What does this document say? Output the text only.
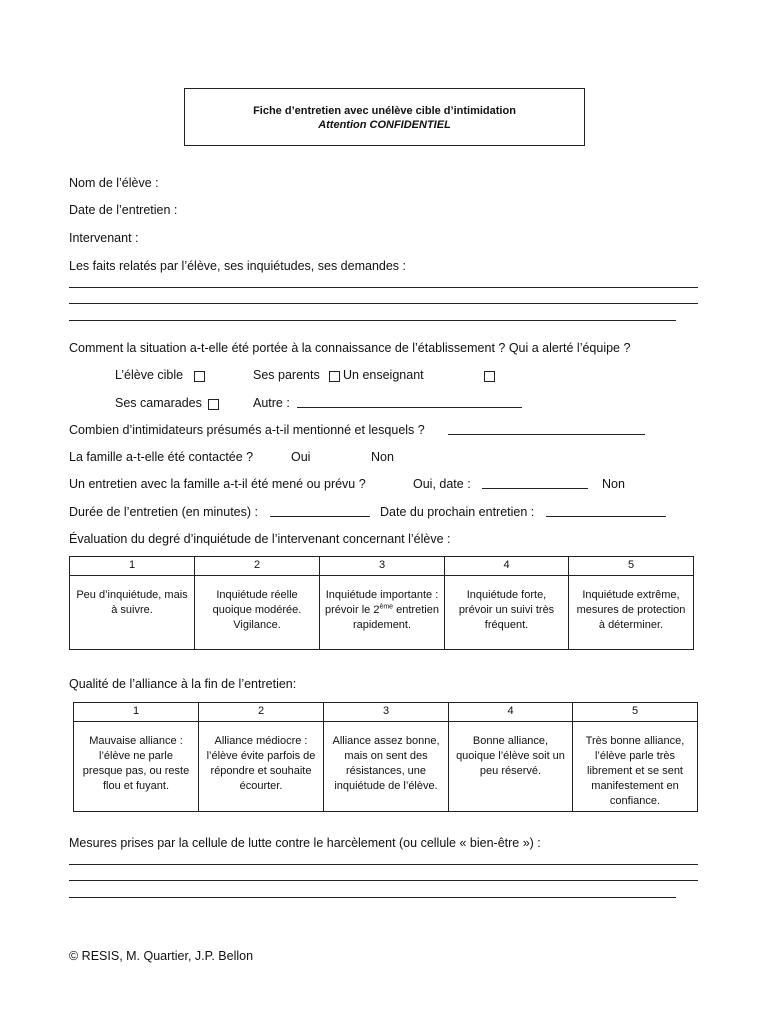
Fiche d’entretien avec unélève cible d’intimidation
Attention CONFIDENTIEL
Nom de l’élève :
Date de l’entretien :
Intervenant :
Les faits relatés par l’élève, ses inquiétudes, ses demandes :
Comment la situation a-t-elle été portée à la connaissance de l’établissement ? Qui a alerté l’équipe ?
L’élève cible	Ses parents Un enseignant
Ses camarades	Autre :
Combien d’intimidateurs présumés a-t-il mentionné et lesquels ?
La famille a-t-elle été contactée ?	Oui	Non
Un entretien avec la famille a-t-il été mené ou prévu ?	Oui, date :	Non
Durée de l’entretien (en minutes) :	Date du prochain entretien :
Évaluation du degré d’inquiétude de l’intervenant concernant l’élève :
1	2	3	4	5
Peu d’inquiétude, mais à suivre.	Inquiétude réelle quoique modérée. Vigilance.	Inquiétude importante : prévoir le 2ème entretien rapidement.	Inquiétude forte, prévoir un suivi très fréquent.	Inquiétude extrême, mesures de protection à déterminer.
Qualité de l’alliance à la fin de l’entretien:
1	2	3	4	5
Mauvaise alliance : l’élève ne parle presque pas, ou reste flou et fuyant.	Alliance médiocre : l’élève évite parfois de répondre et souhaite écourter.	Alliance assez bonne, mais on sent des résistances, une inquiétude de l’élève.	Bonne alliance, quoique l’élève soit un peu réservé.	Très bonne alliance, l’élève parle très librement et se sent manifestement en confiance.
Mesures prises par la cellule de lutte contre le harcèlement (ou cellule « bien-être ») :
© RESIS, M. Quartier, J.P. Bellon
